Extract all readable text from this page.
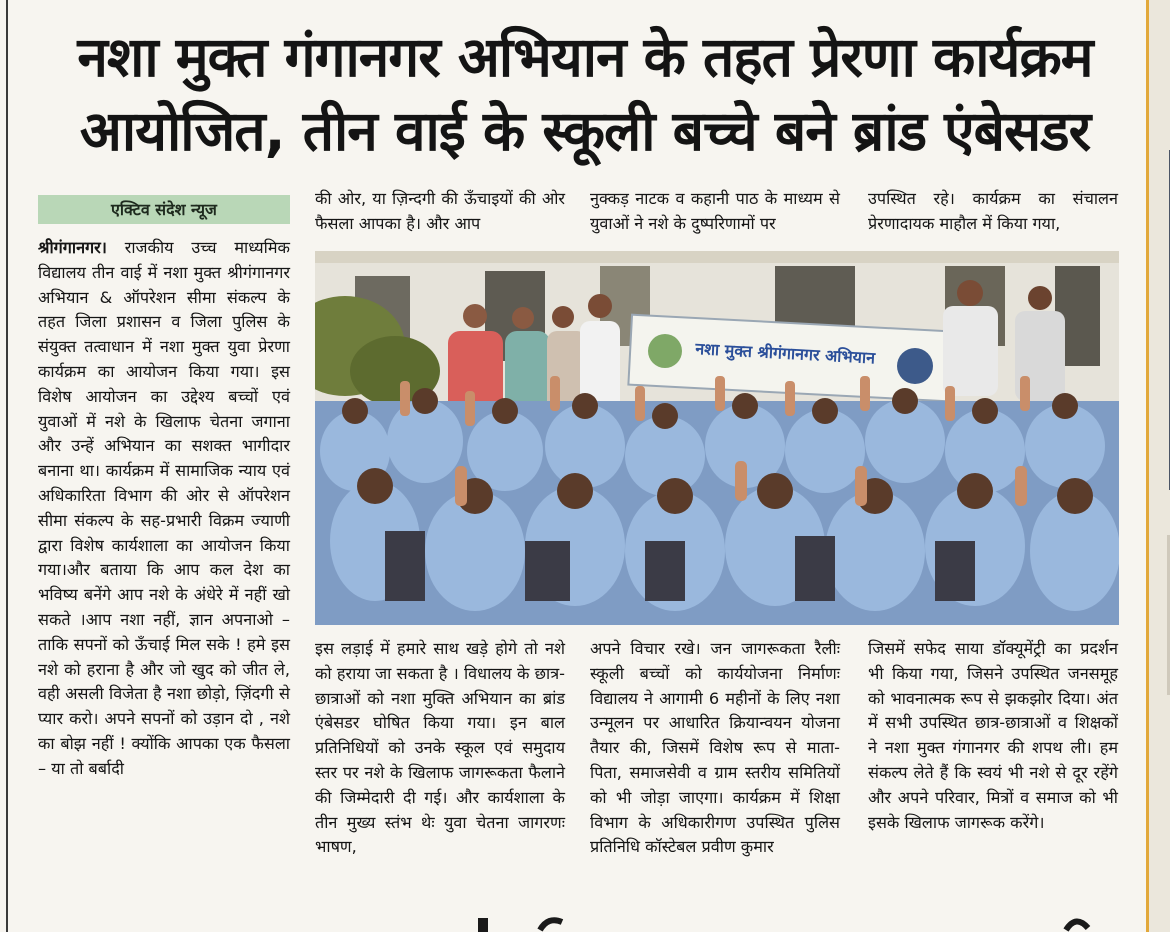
नशा मुक्त गंगानगर अभियान के तहत प्रेरणा कार्यक्रम
आयोजित, तीन वाई के स्कूली बच्चे बने ब्रांड एंबेसडर
एक्टिव संदेश न्यूज

श्रीगंगानगर। राजकीय उच्च माध्यमिक विद्यालय तीन वाई में नशा मुक्त श्रीगंगानगर अभियान & ऑपरेशन सीमा संकल्प के तहत जिला प्रशासन व जिला पुलिस के संयुक्त तत्वाधान में नशा मुक्त युवा प्रेरणा कार्यक्रम का आयोजन किया गया। इस विशेष आयोजन का उद्देश्य बच्चों एवं युवाओं में नशे के खिलाफ चेतना जगाना और उन्हें अभियान का सशक्त भागीदार बनाना था। कार्यक्रम में सामाजिक न्याय एवं अधिकारिता विभाग की ओर से ऑपरेशन सीमा संकल्प के सह-प्रभारी विक्रम ज्याणी द्वारा विशेष कार्यशाला का आयोजन किया गया।और बताया कि आप कल देश का भविष्य बनेंगे आप नशे के अंधेरे में नहीं खो सकते ।आप नशा नहीं, ज्ञान अपनाओ – ताकि सपनों को ऊँचाई मिल सके ! हमे इस नशे को हराना है और जो खुद को जीत ले, वही असली विजेता है नशा छोड़ो, ज़िंदगी से प्यार करो। अपने सपनों को उड़ान दो , नशे का बोझ नहीं ! क्योंकि आपका एक फैसला – या तो बर्बादी

की ओर, या ज़िन्दगी की ऊँचाइयों की ओर फैसला आपका है। और आप
नुक्कड़ नाटक व कहानी पाठ के माध्यम से युवाओं ने नशे के दुष्परिणामों पर
उपस्थित रहे। कार्यक्रम का संचालन प्रेरणादायक माहौल में किया गया,
नशा मुक्त श्रीगंगानगर अभियान
इस लड़ाई में हमारे साथ खड़े होगे तो नशे को हराया जा सकता है । विधालय के छात्र-छात्राओं को नशा मुक्ति अभियान का ब्रांड एंबेसडर घोषित किया गया। इन बाल प्रतिनिधियों को उनके स्कूल एवं समुदाय स्तर पर नशे के खिलाफ जागरूकता फैलाने की जिम्मेदारी दी गई। और कार्यशाला के तीन मुख्य स्तंभ थेः युवा चेतना जागरणः भाषण,
अपने विचार रखे। जन जागरूकता रैलीः स्कूली बच्चों को कार्ययोजना निर्माणः विद्यालय ने आगामी 6 महीनों के लिए नशा उन्मूलन पर आधारित क्रियान्वयन योजना तैयार की, जिसमें विशेष रूप से माता-पिता, समाजसेवी व ग्राम स्तरीय समितियों को भी जोड़ा जाएगा। कार्यक्रम में शिक्षा विभाग के अधिकारीगण उपस्थित पुलिस प्रतिनिधि कॉस्टेबल प्रवीण कुमार
जिसमें सफेद साया डॉक्यूमेंट्री का प्रदर्शन भी किया गया, जिसने उपस्थित जनसमूह को भावनात्मक रूप से झकझोर दिया। अंत में सभी उपस्थित छात्र-छात्राओं व शिक्षकों ने नशा मुक्त गंगानगर की शपथ ली। हम संकल्प लेते हैं कि स्वयं भी नशे से दूर रहेंगे और अपने परिवार, मित्रों व समाज को भी इसके खिलाफ जागरूक करेंगे।
